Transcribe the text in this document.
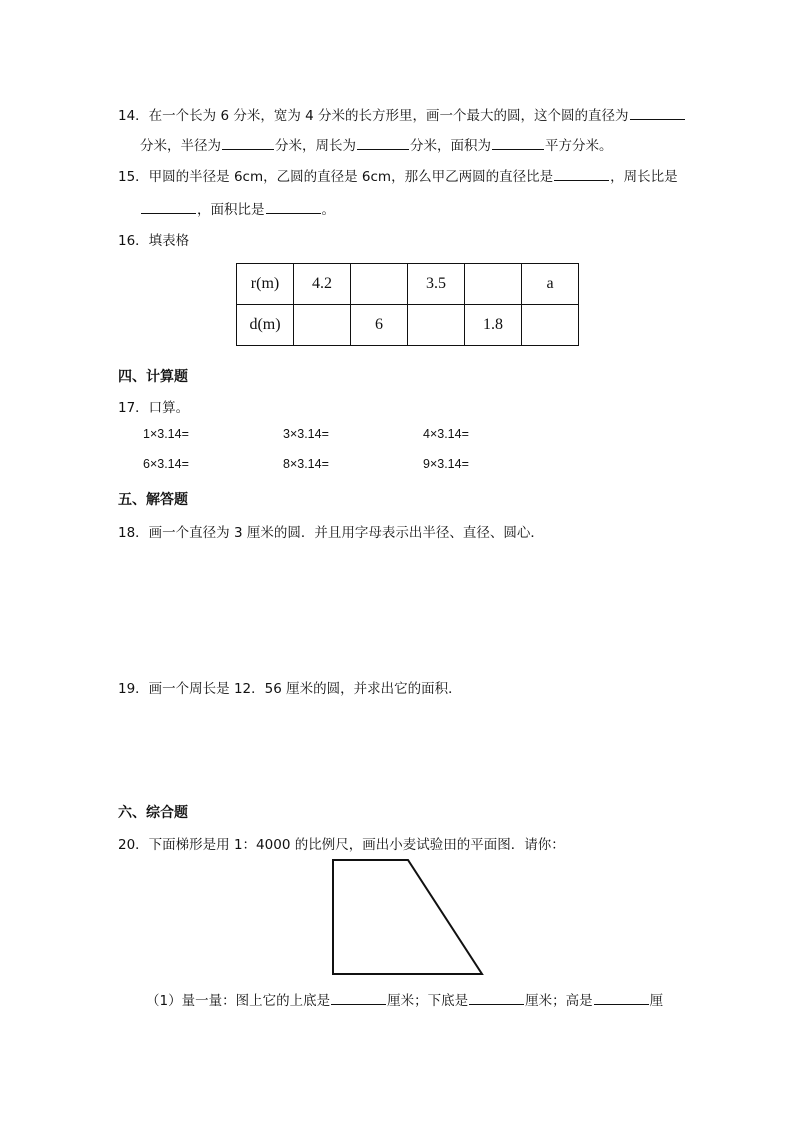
14．在一个长为 6 分米，宽为 4 分米的长方形里，画一个最大的圆，这个圆的直径为
分米，半径为	分米，周长为	分米，面积为	平方分米。
15．甲圆的半径是 6cm，乙圆的直径是 6cm，那么甲乙两圆的直径比是	，周长比是
，面积比是	。
16．填表格
r(m)	4.2		3.5		a
d(m)		6		1.8	
四、计算题
17．口算。
1×3.14=	3×3.14=	4×3.14=
6×3.14=	8×3.14=	9×3.14=
五、解答题
18．画一个直径为 3 厘米的圆．并且用字母表示出半径、直径、圆心．
19．画一个周长是 12．56 厘米的圆，并求出它的面积．
六、综合题
20．下面梯形是用 1：4000 的比例尺，画出小麦试验田的平面图．请你：
（1）量一量：图上它的上底是	厘米；下底是	厘米；高是	厘
